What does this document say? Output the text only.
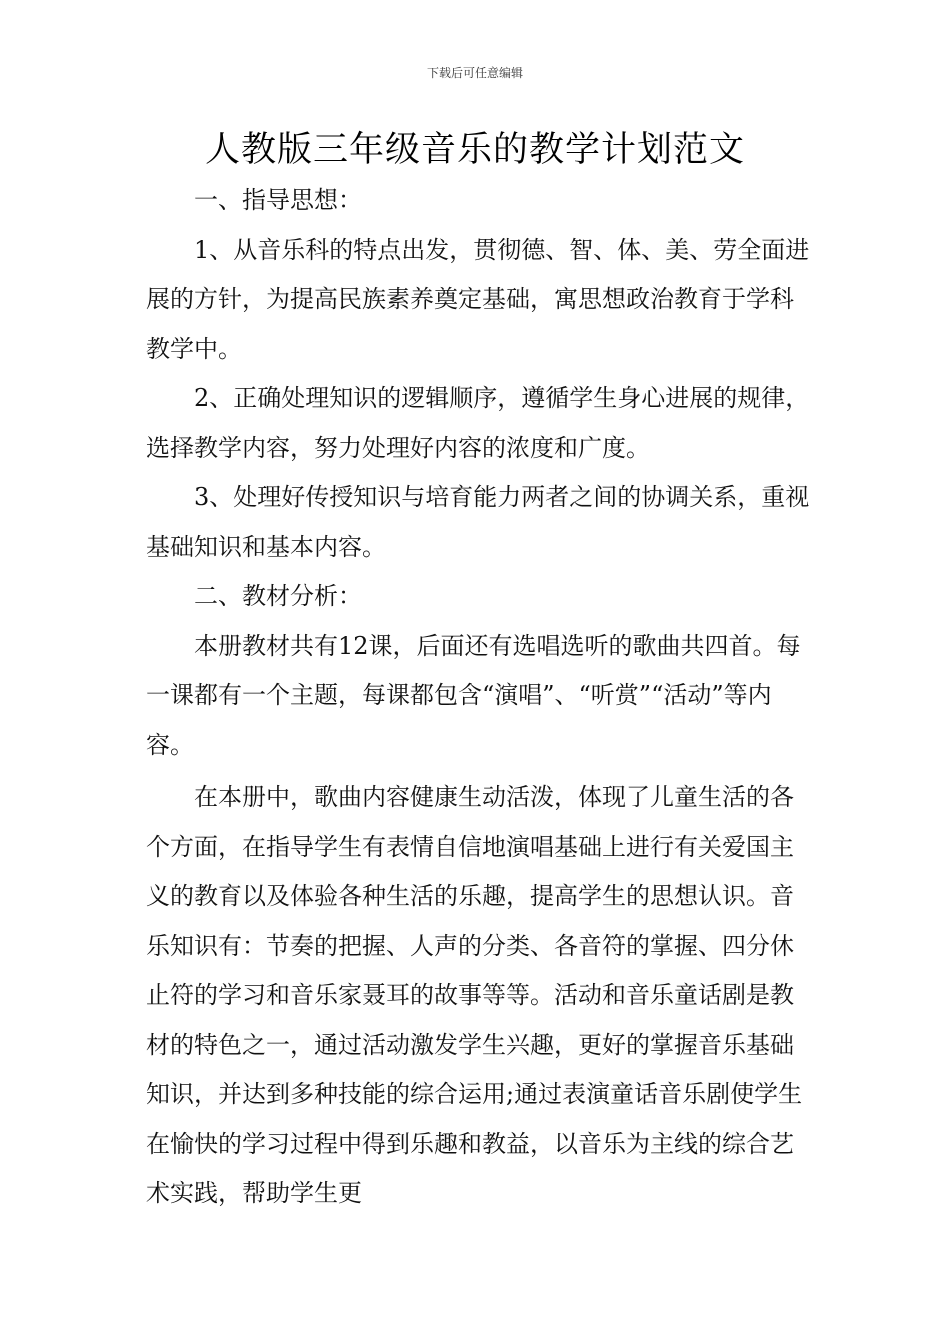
下载后可任意编辑
人教版三年级音乐的教学计划范文

一、指导思想：

1、从音乐科的特点出发，贯彻德、智、体、美、劳全面进展的方针，为提高民族素养奠定基础，寓思想政治教育于学科教学中。

2、正确处理知识的逻辑顺序，遵循学生身心进展的规律，选择教学内容，努力处理好内容的浓度和广度。

3、处理好传授知识与培育能力两者之间的协调关系，重视基础知识和基本内容。

二、教材分析：

本册教材共有12课，后面还有选唱选听的歌曲共四首。每一课都有一个主题，每课都包含“演唱”、“听赏”“活动”等内容。

在本册中，歌曲内容健康生动活泼，体现了儿童生活的各个方面，在指导学生有表情自信地演唱基础上进行有关爱国主义的教育以及体验各种生活的乐趣，提高学生的思想认识。音乐知识有：节奏的把握、人声的分类、各音符的掌握、四分休止符的学习和音乐家聂耳的故事等等。活动和音乐童话剧是教材的特色之一，通过活动激发学生兴趣，更好的掌握音乐基础知识，并达到多种技能的综合运用;通过表演童话音乐剧使学生在愉快的学习过程中得到乐趣和教益，以音乐为主线的综合艺术实践，帮助学生更
